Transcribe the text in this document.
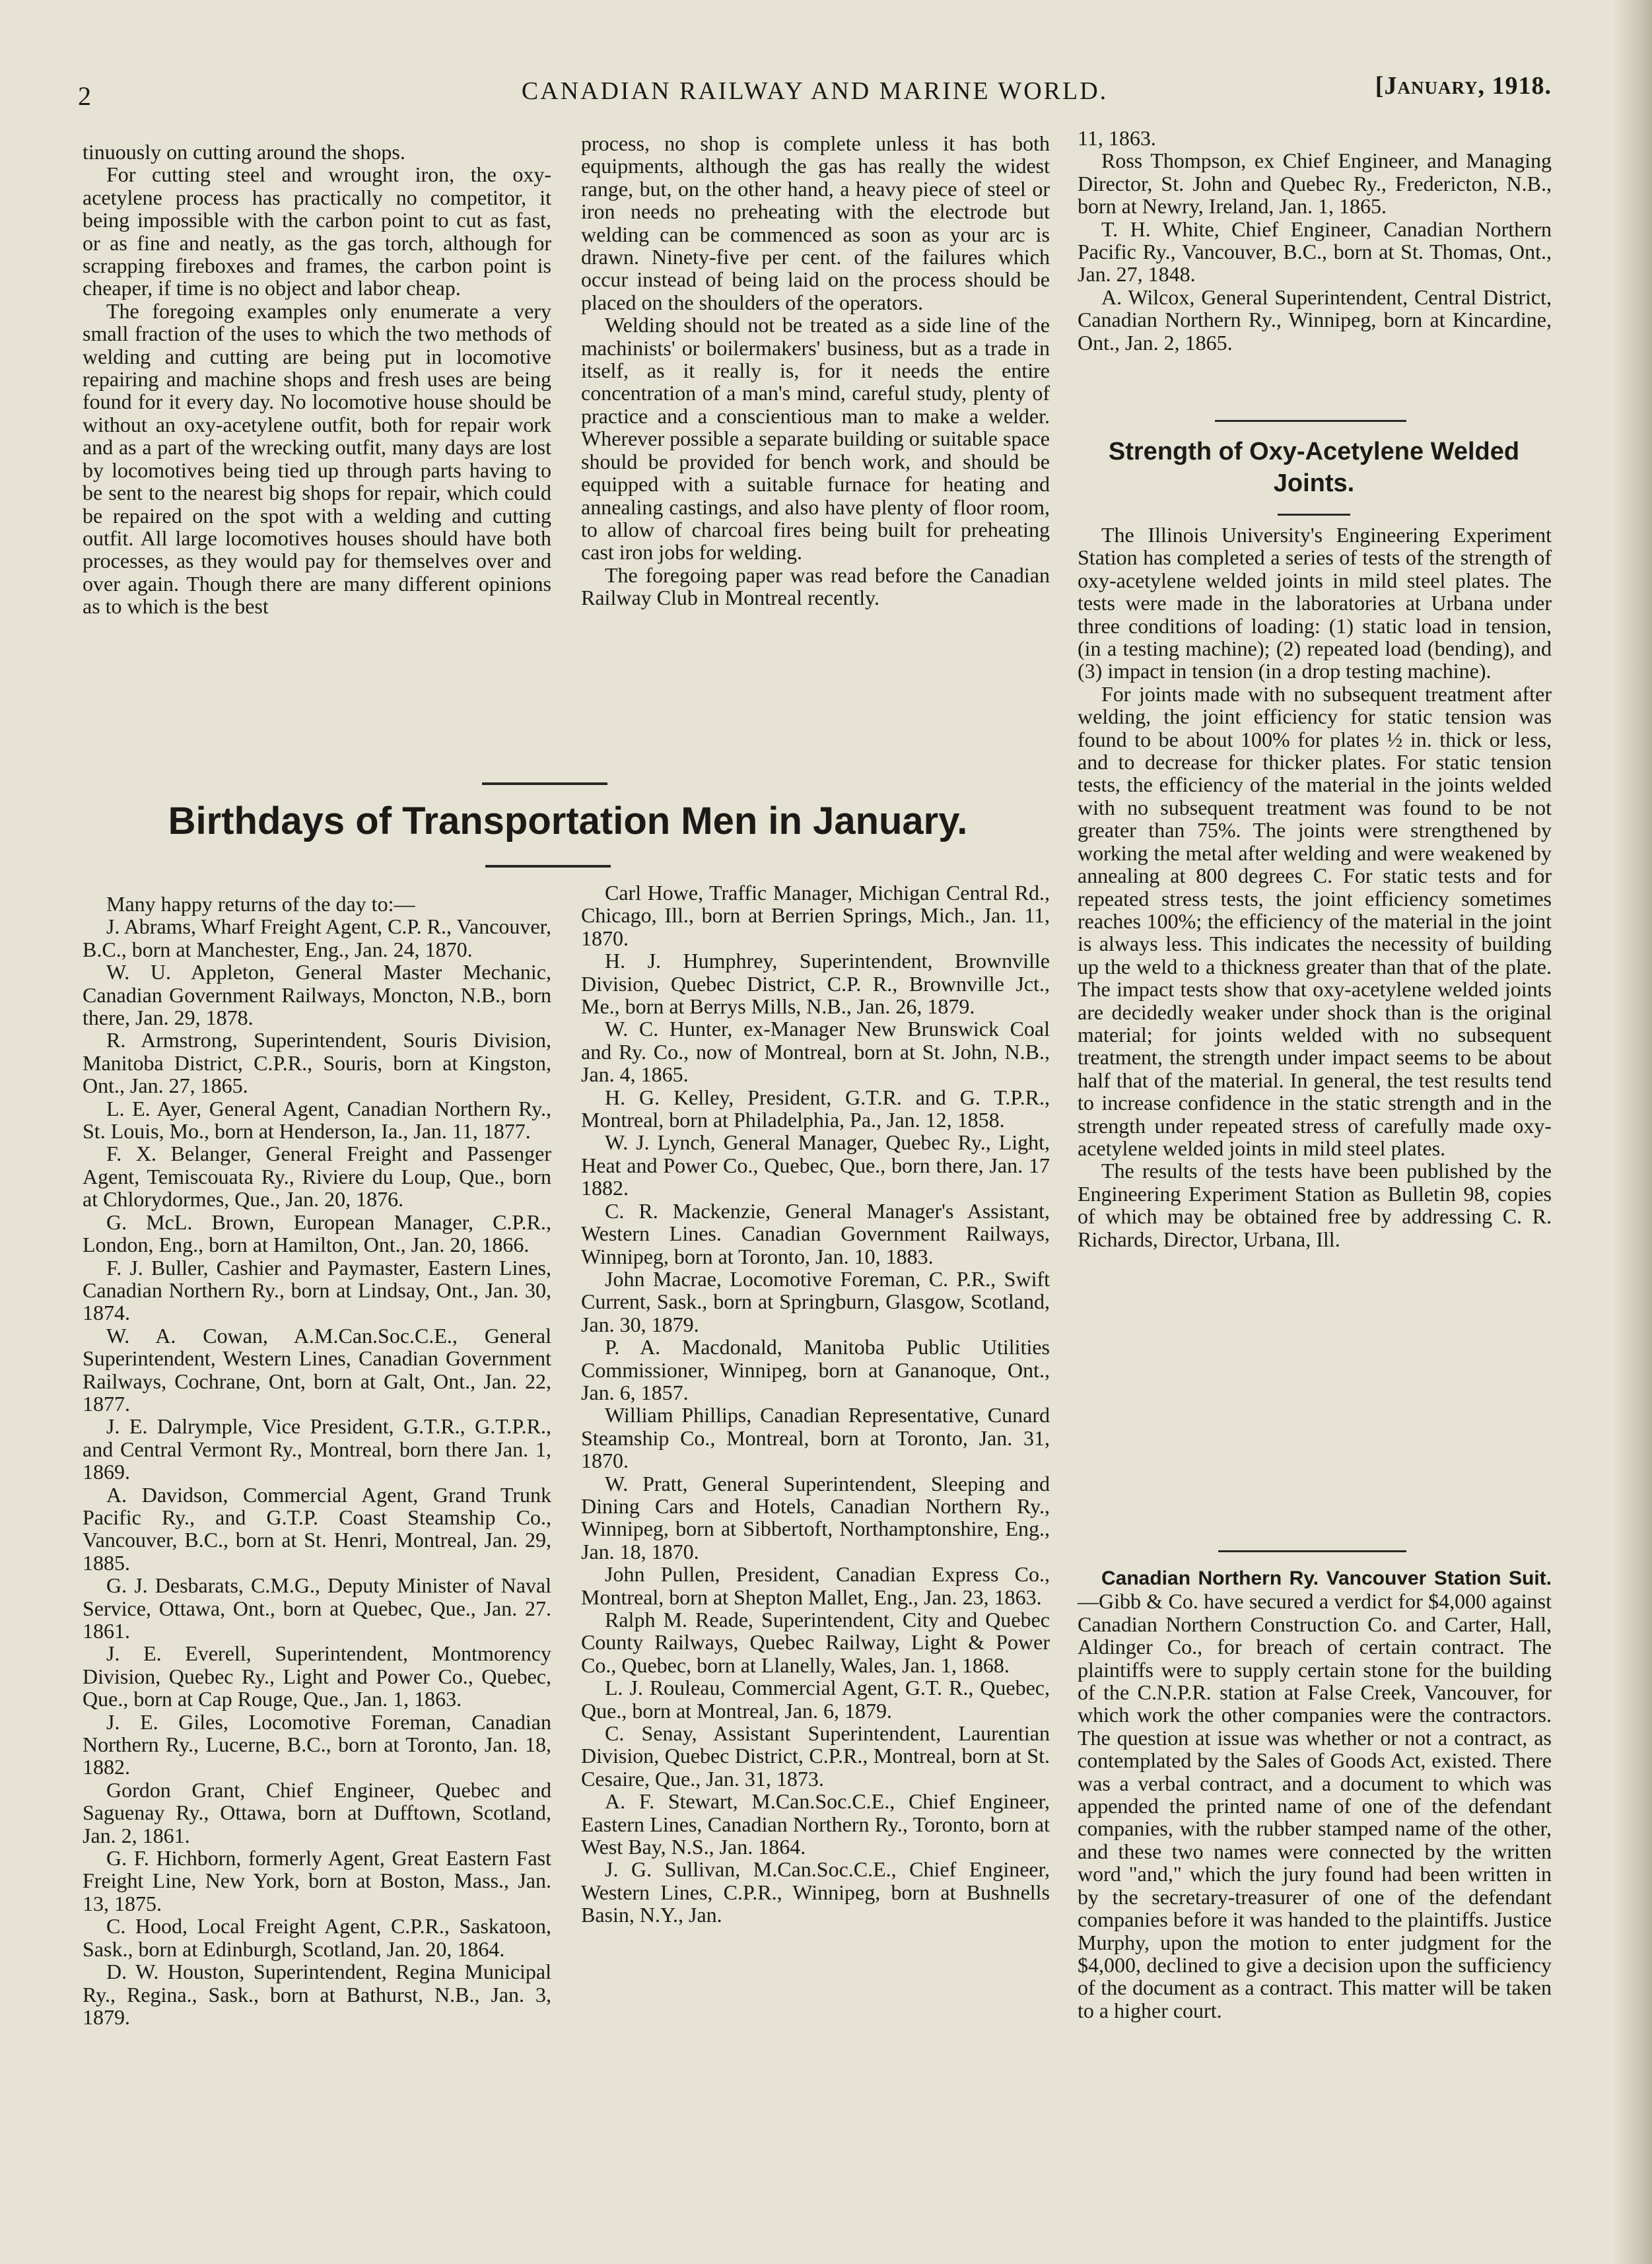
2	CANADIAN RAILWAY AND MARINE WORLD.	[January, 1918.

tinuously on cutting around the shops.

For cutting steel and wrought iron, the oxy-acetylene process has practically no competitor, it being impossible with the carbon point to cut as fast, or as fine and neatly, as the gas torch, although for scrapping fireboxes and frames, the carbon point is cheaper, if time is no object and labor cheap.

The foregoing examples only enumerate a very small fraction of the uses to which the two methods of welding and cutting are being put in locomotive repairing and machine shops and fresh uses are being found for it every day. No locomotive house should be without an oxy-acetylene outfit, both for repair work and as a part of the wrecking outfit, many days are lost by locomotives being tied up through parts having to be sent to the nearest big shops for repair, which could be repaired on the spot with a welding and cutting outfit. All large locomotives houses should have both processes, as they would pay for themselves over and over again. Though there are many different opinions as to which is the best

process, no shop is complete unless it has both equipments, although the gas has really the widest range, but, on the other hand, a heavy piece of steel or iron needs no preheating with the electrode but welding can be commenced as soon as your arc is drawn. Ninety-five per cent. of the failures which occur instead of being laid on the process should be placed on the shoulders of the operators.

Welding should not be treated as a side line of the machinists' or boilermakers' business, but as a trade in itself, as it really is, for it needs the entire concentration of a man's mind, careful study, plenty of practice and a conscientious man to make a welder. Wherever possible a separate building or suitable space should be provided for bench work, and should be equipped with a suitable furnace for heating and annealing castings, and also have plenty of floor room, to allow of charcoal fires being built for preheating cast iron jobs for welding.

The foregoing paper was read before the Canadian Railway Club in Montreal recently.

Birthdays of Transportation Men in January.

Many happy returns of the day to:—

J. Abrams, Wharf Freight Agent, C.P. R., Vancouver, B.C., born at Manchester, Eng., Jan. 24, 1870.

W. U. Appleton, General Master Mechanic, Canadian Government Railways, Moncton, N.B., born there, Jan. 29, 1878.

R. Armstrong, Superintendent, Souris Division, Manitoba District, C.P.R., Souris, born at Kingston, Ont., Jan. 27, 1865.

L. E. Ayer, General Agent, Canadian Northern Ry., St. Louis, Mo., born at Henderson, Ia., Jan. 11, 1877.

F. X. Belanger, General Freight and Passenger Agent, Temiscouata Ry., Riviere du Loup, Que., born at Chlorydormes, Que., Jan. 20, 1876.

G. McL. Brown, European Manager, C.P.R., London, Eng., born at Hamilton, Ont., Jan. 20, 1866.

F. J. Buller, Cashier and Paymaster, Eastern Lines, Canadian Northern Ry., born at Lindsay, Ont., Jan. 30, 1874.

W. A. Cowan, A.M.Can.Soc.C.E., General Superintendent, Western Lines, Canadian Government Railways, Cochrane, Ont, born at Galt, Ont., Jan. 22, 1877.

J. E. Dalrymple, Vice President, G.T.R., G.T.P.R., and Central Vermont Ry., Montreal, born there Jan. 1, 1869.

A. Davidson, Commercial Agent, Grand Trunk Pacific Ry., and G.T.P. Coast Steamship Co., Vancouver, B.C., born at St. Henri, Montreal, Jan. 29, 1885.

G. J. Desbarats, C.M.G., Deputy Minister of Naval Service, Ottawa, Ont., born at Quebec, Que., Jan. 27. 1861.

J. E. Everell, Superintendent, Montmorency Division, Quebec Ry., Light and Power Co., Quebec, Que., born at Cap Rouge, Que., Jan. 1, 1863.

J. E. Giles, Locomotive Foreman, Canadian Northern Ry., Lucerne, B.C., born at Toronto, Jan. 18, 1882.

Gordon Grant, Chief Engineer, Quebec and Saguenay Ry., Ottawa, born at Dufftown, Scotland, Jan. 2, 1861.

G. F. Hichborn, formerly Agent, Great Eastern Fast Freight Line, New York, born at Boston, Mass., Jan. 13, 1875.

C. Hood, Local Freight Agent, C.P.R., Saskatoon, Sask., born at Edinburgh, Scotland, Jan. 20, 1864.

D. W. Houston, Superintendent, Regina Municipal Ry., Regina., Sask., born at Bathurst, N.B., Jan. 3, 1879.

Carl Howe, Traffic Manager, Michigan Central Rd., Chicago, Ill., born at Berrien Springs, Mich., Jan. 11, 1870.

H. J. Humphrey, Superintendent, Brownville Division, Quebec District, C.P. R., Brownville Jct., Me., born at Berrys Mills, N.B., Jan. 26, 1879.

W. C. Hunter, ex-Manager New Brunswick Coal and Ry. Co., now of Montreal, born at St. John, N.B., Jan. 4, 1865.

H. G. Kelley, President, G.T.R. and G. T.P.R., Montreal, born at Philadelphia, Pa., Jan. 12, 1858.

W. J. Lynch, General Manager, Quebec Ry., Light, Heat and Power Co., Quebec, Que., born there, Jan. 17 1882.

C. R. Mackenzie, General Manager's Assistant, Western Lines. Canadian Government Railways, Winnipeg, born at Toronto, Jan. 10, 1883.

John Macrae, Locomotive Foreman, C. P.R., Swift Current, Sask., born at Springburn, Glasgow, Scotland, Jan. 30, 1879.

P. A. Macdonald, Manitoba Public Utilities Commissioner, Winnipeg, born at Gananoque, Ont., Jan. 6, 1857.

William Phillips, Canadian Representative, Cunard Steamship Co., Montreal, born at Toronto, Jan. 31, 1870.

W. Pratt, General Superintendent, Sleeping and Dining Cars and Hotels, Canadian Northern Ry., Winnipeg, born at Sibbertoft, Northamptonshire, Eng., Jan. 18, 1870.

John Pullen, President, Canadian Express Co., Montreal, born at Shepton Mallet, Eng., Jan. 23, 1863.

Ralph M. Reade, Superintendent, City and Quebec County Railways, Quebec Railway, Light & Power Co., Quebec, born at Llanelly, Wales, Jan. 1, 1868.

L. J. Rouleau, Commercial Agent, G.T. R., Quebec, Que., born at Montreal, Jan. 6, 1879.

C. Senay, Assistant Superintendent, Laurentian Division, Quebec District, C.P.R., Montreal, born at St. Cesaire, Que., Jan. 31, 1873.

A. F. Stewart, M.Can.Soc.C.E., Chief Engineer, Eastern Lines, Canadian Northern Ry., Toronto, born at West Bay, N.S., Jan. 1864.

J. G. Sullivan, M.Can.Soc.C.E., Chief Engineer, Western Lines, C.P.R., Winnipeg, born at Bushnells Basin, N.Y., Jan.

11, 1863.

Ross Thompson, ex Chief Engineer, and Managing Director, St. John and Quebec Ry., Fredericton, N.B., born at Newry, Ireland, Jan. 1, 1865.

T. H. White, Chief Engineer, Canadian Northern Pacific Ry., Vancouver, B.C., born at St. Thomas, Ont., Jan. 27, 1848.

A. Wilcox, General Superintendent, Central District, Canadian Northern Ry., Winnipeg, born at Kincardine, Ont., Jan. 2, 1865.

Strength of Oxy-Acetylene Welded Joints.

The Illinois University's Engineering Experiment Station has completed a series of tests of the strength of oxy-acetylene welded joints in mild steel plates. The tests were made in the laboratories at Urbana under three conditions of loading: (1) static load in tension, (in a testing machine); (2) repeated load (bending), and (3) impact in tension (in a drop testing machine).

For joints made with no subsequent treatment after welding, the joint efficiency for static tension was found to be about 100% for plates ½ in. thick or less, and to decrease for thicker plates. For static tension tests, the efficiency of the material in the joints welded with no subsequent treatment was found to be not greater than 75%. The joints were strengthened by working the metal after welding and were weakened by annealing at 800 degrees C. For static tests and for repeated stress tests, the joint efficiency sometimes reaches 100%; the efficiency of the material in the joint is always less. This indicates the necessity of building up the weld to a thickness greater than that of the plate. The impact tests show that oxy-acetylene welded joints are decidedly weaker under shock than is the original material; for joints welded with no subsequent treatment, the strength under impact seems to be about half that of the material. In general, the test results tend to increase confidence in the static strength and in the strength under repeated stress of carefully made oxy-acetylene welded joints in mild steel plates.

The results of the tests have been published by the Engineering Experiment Station as Bulletin 98, copies of which may be obtained free by addressing C. R. Richards, Director, Urbana, Ill.

Canadian Northern Ry. Vancouver Station Suit.—Gibb & Co. have secured a verdict for $4,000 against Canadian Northern Construction Co. and Carter, Hall, Aldinger Co., for breach of certain contract. The plaintiffs were to supply certain stone for the building of the C.N.P.R. station at False Creek, Vancouver, for which work the other companies were the contractors. The question at issue was whether or not a contract, as contemplated by the Sales of Goods Act, existed. There was a verbal contract, and a document to which was appended the printed name of one of the defendant companies, with the rubber stamped name of the other, and these two names were connected by the written word "and," which the jury found had been written in by the secretary-treasurer of one of the defendant companies before it was handed to the plaintiffs. Justice Murphy, upon the motion to enter judgment for the $4,000, declined to give a decision upon the sufficiency of the document as a contract. This matter will be taken to a higher court.
